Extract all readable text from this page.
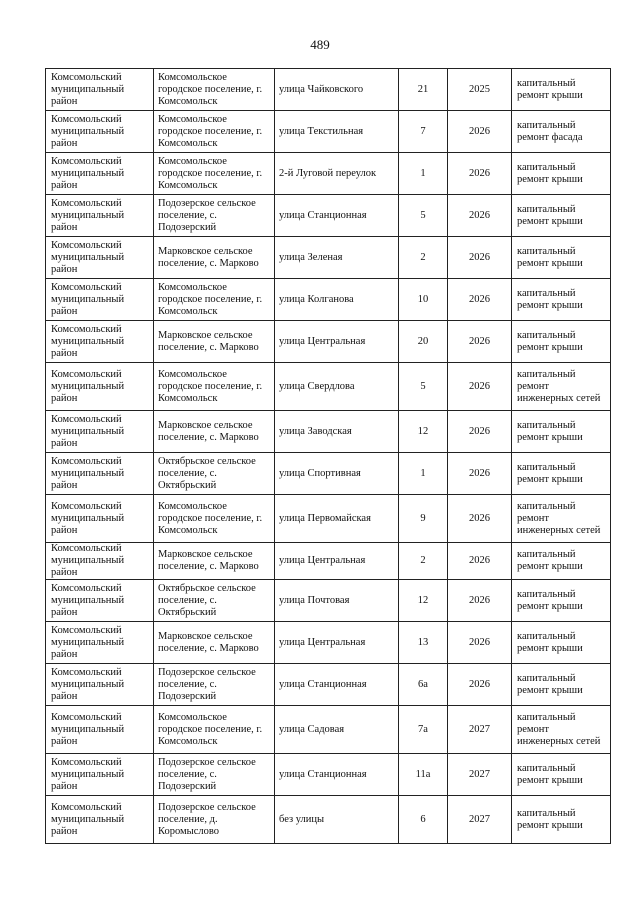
489
Комсомольский муниципальный район	Комсомольское городское поселение, г. Комсомольск	улица Чайковского	21	2025	капитальный ремонт крыши
Комсомольский муниципальный район	Комсомольское городское поселение, г. Комсомольск	улица Текстильная	7	2026	капитальный ремонт фасада
Комсомольский муниципальный район	Комсомольское городское поселение, г. Комсомольск	2-й Луговой переулок	1	2026	капитальный ремонт крыши
Комсомольский муниципальный район	Подозерское сельское поселение, с. Подозерский	улица Станционная	5	2026	капитальный ремонт крыши
Комсомольский муниципальный район	Марковское сельское поселение, с. Марково	улица Зеленая	2	2026	капитальный ремонт крыши
Комсомольский муниципальный район	Комсомольское городское поселение, г. Комсомольск	улица Колганова	10	2026	капитальный ремонт крыши
Комсомольский муниципальный район	Марковское сельское поселение, с. Марково	улица Центральная	20	2026	капитальный ремонт крыши
Комсомольский муниципальный район	Комсомольское городское поселение, г. Комсомольск	улица Свердлова	5	2026	капитальный ремонт инженерных сетей
Комсомольский муниципальный район	Марковское сельское поселение, с. Марково	улица Заводская	12	2026	капитальный ремонт крыши
Комсомольский муниципальный район	Октябрьское сельское поселение, с. Октябрьский	улица Спортивная	1	2026	капитальный ремонт крыши
Комсомольский муниципальный район	Комсомольское городское поселение, г. Комсомольск	улица Первомайская	9	2026	капитальный ремонт инженерных сетей
Комсомольский муниципальный район	Марковское сельское поселение, с. Марково	улица Центральная	2	2026	капитальный ремонт крыши
Комсомольский муниципальный район	Октябрьское сельское поселение, с. Октябрьский	улица Почтовая	12	2026	капитальный ремонт крыши
Комсомольский муниципальный район	Марковское сельское поселение, с. Марково	улица Центральная	13	2026	капитальный ремонт крыши
Комсомольский муниципальный район	Подозерское сельское поселение, с. Подозерский	улица Станционная	6а	2026	капитальный ремонт крыши
Комсомольский муниципальный район	Комсомольское городское поселение, г. Комсомольск	улица Садовая	7а	2027	капитальный ремонт инженерных сетей
Комсомольский муниципальный район	Подозерское сельское поселение, с. Подозерский	улица Станционная	11а	2027	капитальный ремонт крыши
Комсомольский муниципальный район	Подозерское сельское поселение, д. Коромыслово	без улицы	6	2027	капитальный ремонт крыши
